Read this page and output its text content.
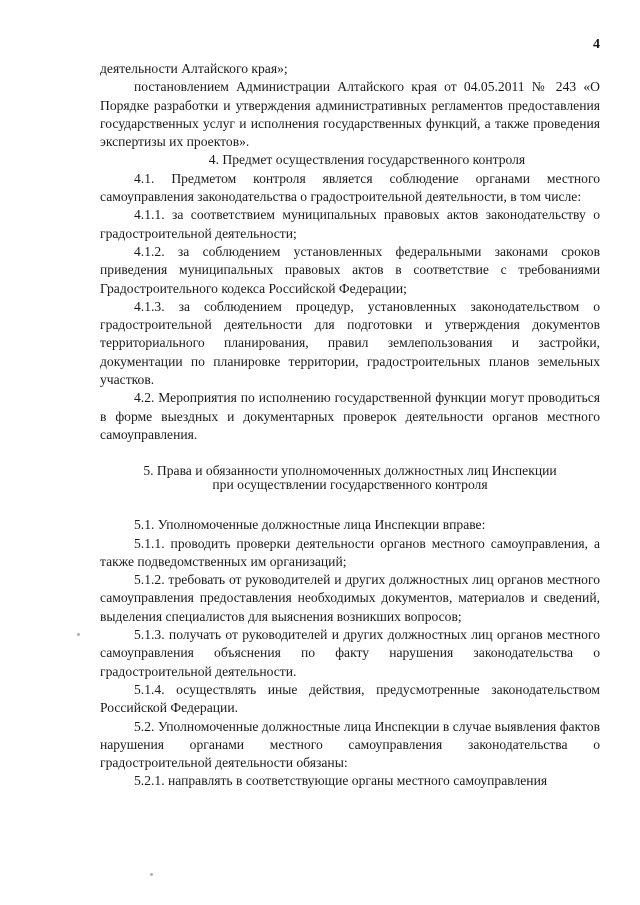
4

деятельности Алтайского края»;

постановлением Администрации Алтайского края от 04.05.2011 № 243 «О Порядке разработки и утверждения административных регламентов предоставления государственных услуг и исполнения государственных функций, а также проведения экспертизы их проектов».

4. Предмет осуществления государственного контроля

4.1. Предметом контроля является соблюдение органами местного самоуправления законодательства о градостроительной деятельности, в том числе:

4.1.1. за соответствием муниципальных правовых актов законодательству о градостроительной деятельности;

4.1.2. за соблюдением установленных федеральными законами сроков приведения муниципальных правовых актов в соответствие с требованиями Градостроительного кодекса Российской Федерации;

4.1.3. за соблюдением процедур, установленных законодательством о градостроительной деятельности для подготовки и утверждения документов территориального планирования, правил землепользования и застройки, документации по планировке территории, градостроительных планов земельных участков.

4.2. Мероприятия по исполнению государственной функции могут проводиться в форме выездных и документарных проверок деятельности органов местного самоуправления.

5. Права и обязанности уполномоченных должностных лиц Инспекции
при осуществлении государственного контроля

5.1. Уполномоченные должностные лица Инспекции вправе:

5.1.1. проводить проверки деятельности органов местного самоуправления, а также подведомственных им организаций;

5.1.2. требовать от руководителей и других должностных лиц органов местного самоуправления предоставления необходимых документов, материалов и сведений, выделения специалистов для выяснения возникших вопросов;

5.1.3. получать от руководителей и других должностных лиц органов местного самоуправления объяснения по факту нарушения законодательства о градостроительной деятельности.

5.1.4. осуществлять иные действия, предусмотренные законодательством Российской Федерации.

5.2. Уполномоченные должностные лица Инспекции в случае выявления фактов нарушения органами местного самоуправления законодательства о градостроительной деятельности обязаны:

5.2.1. направлять в соответствующие органы местного самоуправления
